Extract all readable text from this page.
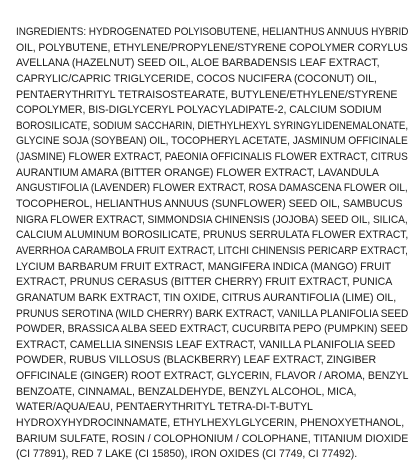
INGREDIENTS: HYDROGENATED POLYISOBUTENE, HELIANTHUS ANNUUS HYBRID
OIL, POLYBUTENE, ETHYLENE/PROPYLENE/STYRENE COPOLYMER CORYLUS
AVELLANA (HAZELNUT) SEED OIL, ALOE BARBADENSIS LEAF EXTRACT,
CAPRYLIC/CAPRIC TRIGLYCERIDE, COCOS NUCIFERA (COCONUT) OIL,
PENTAERYTHRITYL TETRAISOSTEARATE, BUTYLENE/ETHYLENE/STYRENE
COPOLYMER, BIS-DIGLYCERYL POLYACYLADIPATE-2, CALCIUM SODIUM
BOROSILICATE, SODIUM SACCHARIN, DIETHYLHEXYL SYRINGYLIDENEMALONATE,
GLYCINE SOJA (SOYBEAN) OIL, TOCOPHERYL ACETATE, JASMINUM OFFICINALE
(JASMINE) FLOWER EXTRACT, PAEONIA OFFICINALIS FLOWER EXTRACT, CITRUS
AURANTIUM AMARA (BITTER ORANGE) FLOWER EXTRACT, LAVANDULA
ANGUSTIFOLIA (LAVENDER) FLOWER EXTRACT, ROSA DAMASCENA FLOWER OIL,
TOCOPHEROL, HELIANTHUS ANNUUS (SUNFLOWER) SEED OIL, SAMBUCUS
NIGRA FLOWER EXTRACT, SIMMONDSIA CHINENSIS (JOJOBA) SEED OIL, SILICA,
CALCIUM ALUMINUM BOROSILICATE, PRUNUS SERRULATA FLOWER EXTRACT,
AVERRHOA CARAMBOLA FRUIT EXTRACT, LITCHI CHINENSIS PERICARP EXTRACT,
LYCIUM BARBARUM FRUIT EXTRACT, MANGIFERA INDICA (MANGO) FRUIT
EXTRACT, PRUNUS CERASUS (BITTER CHERRY) FRUIT EXTRACT, PUNICA
GRANATUM BARK EXTRACT, TIN OXIDE, CITRUS AURANTIFOLIA (LIME) OIL,
PRUNUS SEROTINA (WILD CHERRY) BARK EXTRACT, VANILLA PLANIFOLIA SEED
POWDER, BRASSICA ALBA SEED EXTRACT, CUCURBITA PEPO (PUMPKIN) SEED
EXTRACT, CAMELLIA SINENSIS LEAF EXTRACT, VANILLA PLANIFOLIA SEED
POWDER, RUBUS VILLOSUS (BLACKBERRY) LEAF EXTRACT, ZINGIBER
OFFICINALE (GINGER) ROOT EXTRACT, GLYCERIN, FLAVOR / AROMA, BENZYL
BENZOATE, CINNAMAL, BENZALDEHYDE, BENZYL ALCOHOL, MICA,
WATER/AQUA/EAU, PENTAERYTHRITYL TETRA-DI-T-BUTYL
HYDROXYHYDROCINNAMATE, ETHYLHEXYLGLYCERIN, PHENOXYETHANOL,
BARIUM SULFATE, ROSIN / COLOPHONIUM / COLOPHANE, TITANIUM DIOXIDE
(CI 77891), RED 7 LAKE (CI 15850), IRON OXIDES (CI 7749, CI 77492).
